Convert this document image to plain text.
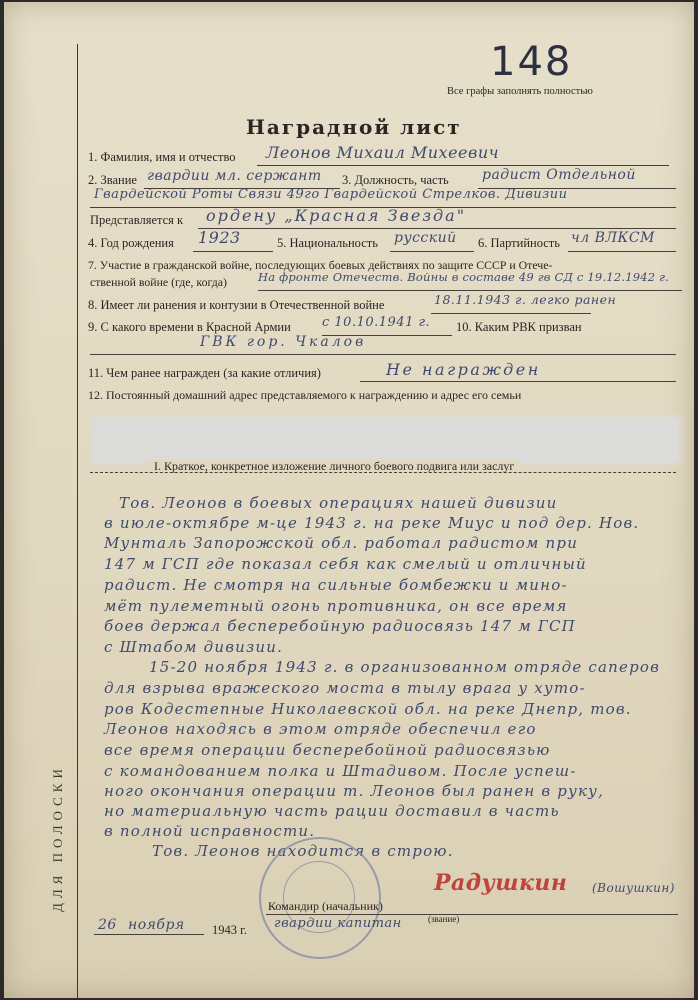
ДЛЯ ПОЛОСКИ
148
Все графы заполнять полностью
Наградной лист
1. Фамилия, имя и отчество Леонов Михаил Михеевич
2. Звание гвардии мл. сержант 3. Должность, часть радист Отдельной
Гвардейской Роты Связи 49го Гвардейской Стрелков. Дивизии
Представляется к ордену „Красная Звезда"
4. Год рождения 1923	5. Национальность русский 6. Партийность чл ВЛКСМ
7. Участие в гражданской войне, последующих боевых действиях по защите СССР и Отече-
ственной войне (где, когда)	На фронте Отечеств. Войны в составе 49 гв СД с 19.12.1942 г.
8. Имеет ли ранения и контузии в Отечественной войне	18.11.1943 г. легко ранен
9. С какого времени в Красной Армии с 10.10.1941 г. 10. Каким РВК призван
ГВК гор. Чкалов
11. Чем ранее награжден (за какие отличия)	Не награжден
12. Постоянный домашний адрес представляемого к награждению и адрес его семьи
I. Краткое, конкретное изложение личного боевого подвига или заслуг
Тов. Леонов в боевых операциях нашей дивизии
в июле-октябре м-це 1943 г. на реке Миус и под дер. Нов.
Мунталь Запорожской обл. работал радистом при
147 м ГСП где показал себя как смелый и отличный
радист. Не смотря на сильные бомбежки и мино-
мёт пулеметный огонь противника, он все время
боев держал бесперебойную радиосвязь 147 м ГСП
с Штабом дивизии.
15-20 ноября 1943 г. в организованном отряде саперов
для взрыва вражеского моста в тылу врага у хуто-
ров Кодестепные Николаевской обл. на реке Днепр, тов.
Леонов находясь в этом отряде обеспечил его
все время операции бесперебойной радиосвязью
с командованием полка и Штадивом. После успеш-
ного окончания операции т. Леонов был ранен в руку,
но материальную часть рации доставил в часть
в полной исправности.
Тов. Леонов находится в строю.
Командир (начальник)
(звание)
гвардии капитан
Радушкин (Вошушкин)
26 ноября 1943 г.
